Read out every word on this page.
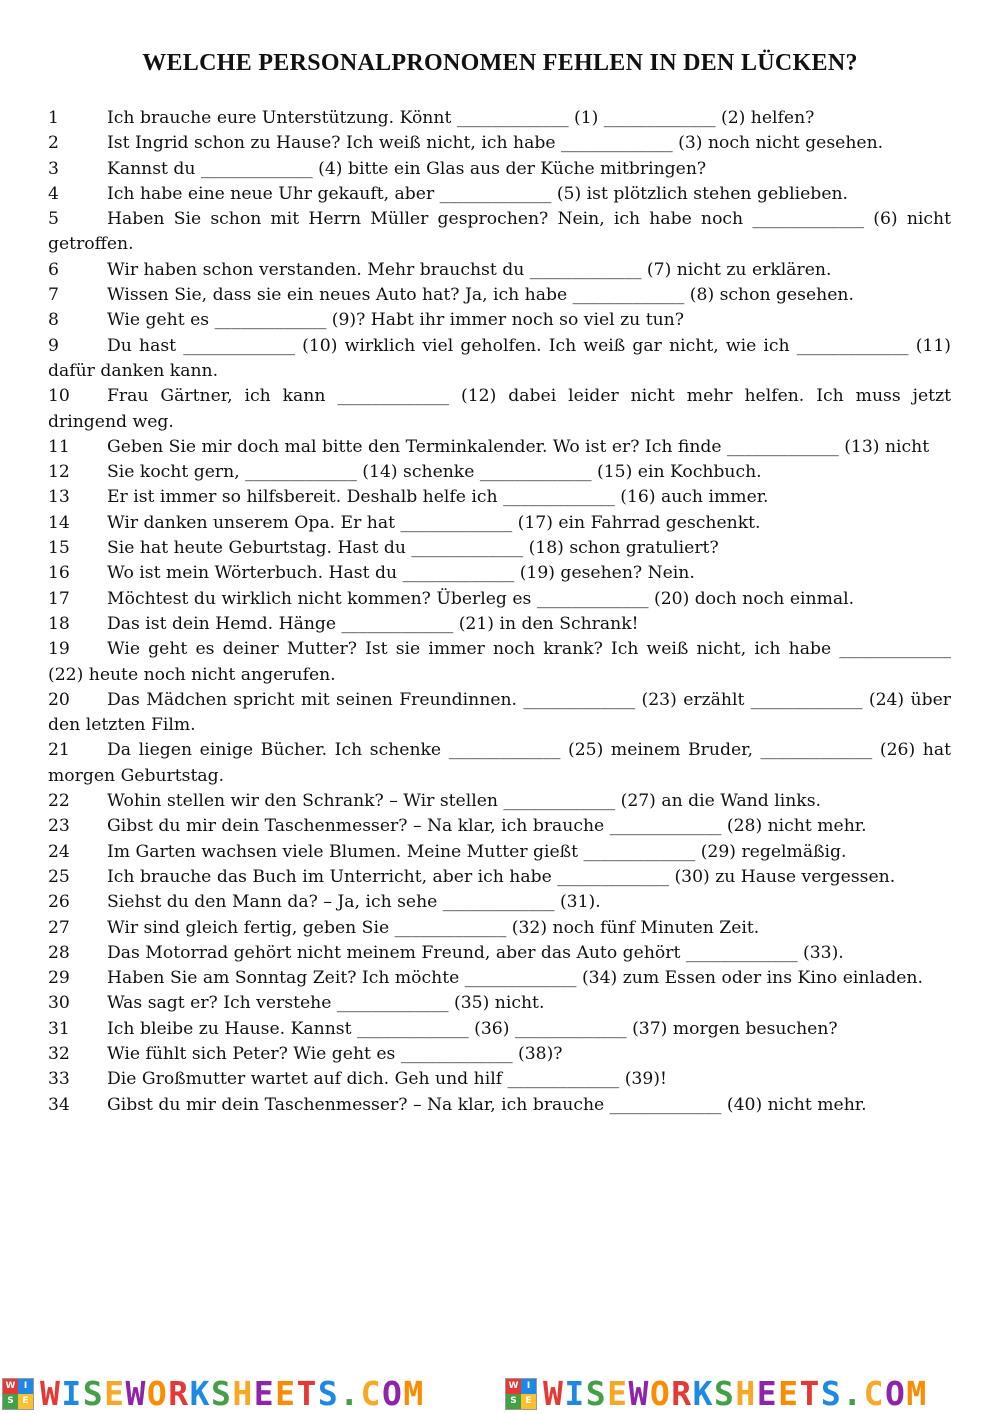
WELCHE PERSONALPRONOMEN FEHLEN IN DEN LÜCKEN?

1	Ich brauche eure Unterstützung. Könnt _____________ (1) _____________ (2) helfen?

2	Ist Ingrid schon zu Hause? Ich weiß nicht, ich habe _____________ (3) noch nicht gesehen.

3	Kannst du _____________ (4) bitte ein Glas aus der Küche mitbringen?

4	Ich habe eine neue Uhr gekauft, aber _____________ (5) ist plötzlich stehen geblieben.

5	Haben Sie schon mit Herrn Müller gesprochen? Nein, ich habe noch _____________ (6) nicht getroffen.

6	Wir haben schon verstanden. Mehr brauchst du _____________ (7) nicht zu erklären.

7	Wissen Sie, dass sie ein neues Auto hat? Ja, ich habe _____________ (8) schon gesehen.

8	Wie geht es _____________ (9)? Habt ihr immer noch so viel zu tun?

9	Du hast _____________ (10) wirklich viel geholfen. Ich weiß gar nicht, wie ich _____________ (11) dafür danken kann.

10 Frau Gärtner, ich kann _____________ (12) dabei leider nicht mehr helfen. Ich muss jetzt dringend weg.

11 Geben Sie mir doch mal bitte den Terminkalender. Wo ist er? Ich finde _____________ (13) nicht

12 Sie kocht gern, _____________ (14) schenke _____________ (15) ein Kochbuch.

13 Er ist immer so hilfsbereit. Deshalb helfe ich _____________ (16) auch immer.

14 Wir danken unserem Opa. Er hat _____________ (17) ein Fahrrad geschenkt.

15 Sie hat heute Geburtstag. Hast du _____________ (18) schon gratuliert?

16 Wo ist mein Wörterbuch. Hast du _____________ (19) gesehen? Nein.

17 Möchtest du wirklich nicht kommen? Überleg es _____________ (20) doch noch einmal.

18 Das ist dein Hemd. Hänge _____________ (21) in den Schrank!

19 Wie geht es deiner Mutter? Ist sie immer noch krank? Ich weiß nicht, ich habe _____________ (22) heute noch nicht angerufen.

20 Das Mädchen spricht mit seinen Freundinnen. _____________ (23) erzählt _____________ (24) über den letzten Film.

21 Da liegen einige Bücher. Ich schenke _____________ (25) meinem Bruder, _____________ (26) hat morgen Geburtstag.

22 Wohin stellen wir den Schrank? – Wir stellen _____________ (27) an die Wand links.

23 Gibst du mir dein Taschenmesser? – Na klar, ich brauche _____________ (28) nicht mehr.

24 Im Garten wachsen viele Blumen. Meine Mutter gießt _____________ (29) regelmäßig.

25 Ich brauche das Buch im Unterricht, aber ich habe _____________ (30) zu Hause vergessen.

26 Siehst du den Mann da? – Ja, ich sehe _____________ (31).

27 Wir sind gleich fertig, geben Sie _____________ (32) noch fünf Minuten Zeit.

28 Das Motorrad gehört nicht meinem Freund, aber das Auto gehört _____________ (33).

29 Haben Sie am Sonntag Zeit? Ich möchte _____________ (34) zum Essen oder ins Kino einladen.

30 Was sagt er? Ich verstehe _____________ (35) nicht.

31 Ich bleibe zu Hause. Kannst _____________ (36) _____________ (37) morgen besuchen?

32 Wie fühlt sich Peter? Wie geht es _____________ (38)?

33 Die Großmutter wartet auf dich. Geh und hilf _____________ (39)!

34 Gibst du mir dein Taschenmesser? – Na klar, ich brauche _____________ (40) nicht mehr.

W I
S E WISEWORKSHEETS.COM	W I
S E WISEWORKSHEETS.COM
